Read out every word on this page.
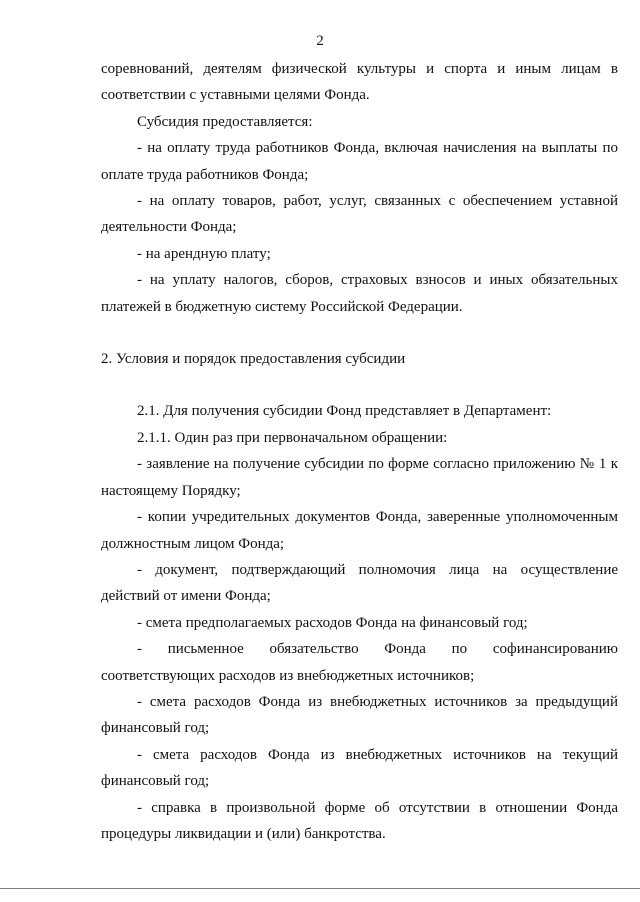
2

соревнований, деятелям физической культуры и спорта и иным лицам в соответствии с уставными целями Фонда.

Субсидия предоставляется:

- на оплату труда работников Фонда, включая начисления на выплаты по оплате труда работников Фонда;

- на оплату товаров, работ, услуг, связанных с обеспечением уставной деятельности Фонда;

- на арендную плату;

- на уплату налогов, сборов, страховых взносов и иных обязательных платежей в бюджетную систему Российской Федерации.

2. Условия и порядок предоставления субсидии

2.1. Для получения субсидии Фонд представляет в Департамент:

2.1.1. Один раз при первоначальном обращении:

- заявление на получение субсидии по форме согласно приложению № 1 к настоящему Порядку;

- копии учредительных документов Фонда, заверенные уполномоченным должностным лицом Фонда;

- документ, подтверждающий полномочия лица на осуществление действий от имени Фонда;

- смета предполагаемых расходов Фонда на финансовый год;

- письменное обязательство Фонда по софинансированию соответствующих расходов из внебюджетных источников;

- смета расходов Фонда из внебюджетных источников за предыдущий финансовый год;

- смета расходов Фонда из внебюджетных источников на текущий финансовый год;

- справка в произвольной форме об отсутствии в отношении Фонда процедуры ликвидации и (или) банкротства.
